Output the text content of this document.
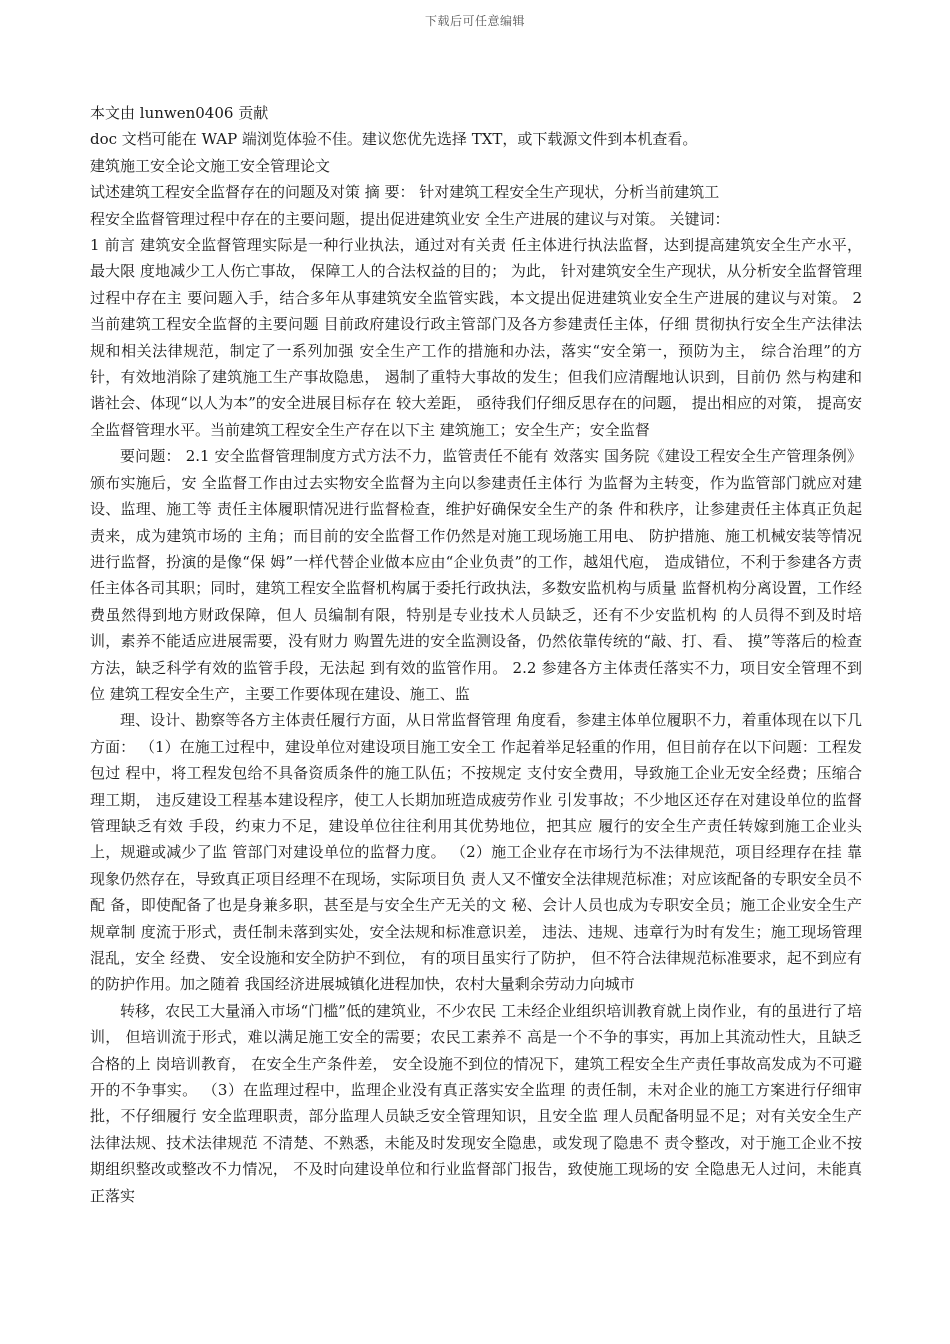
下载后可任意编辑

本文由 lunwen0406 贡献

doc 文档可能在 WAP 端浏览体验不佳。建议您优先选择 TXT，或下载源文件到本机查看。

建筑施工安全论文施工安全管理论文

试述建筑工程安全监督存在的问题及对策 摘 要： 针对建筑工程安全生产现状，分析当前建筑工

程安全监督管理过程中存在的主要问题，提出促进建筑业安 全生产进展的建议与对策。 关键词：

1 前言 建筑安全监督管理实际是一种行业执法，通过对有关责 任主体进行执法监督，达到提高建筑安全生产水平，最大限 度地减少工人伤亡事故， 保障工人的合法权益的目的； 为此， 针对建筑安全生产现状，从分析安全监督管理过程中存在主 要问题入手，结合多年从事建筑安全监管实践，本文提出促进建筑业安全生产进展的建议与对策。 2 当前建筑工程安全监督的主要问题 目前政府建设行政主管部门及各方参建责任主体，仔细 贯彻执行安全生产法律法规和相关法律规范，制定了一系列加强 安全生产工作的措施和办法，落实“安全第一，预防为主， 综合治理”的方针，有效地消除了建筑施工生产事故隐患， 遏制了重特大事故的发生；但我们应清醒地认识到，目前仍 然与构建和谐社会、体现“以人为本”的安全进展目标存在 较大差距， 亟待我们仔细反思存在的问题， 提出相应的对策， 提高安全监督管理水平。当前建筑工程安全生产存在以下主 建筑施工；安全生产；安全监督

要问题： 2.1 安全监督管理制度方式方法不力，监管责任不能有 效落实 国务院《建设工程安全生产管理条例》颁布实施后，安 全监督工作由过去实物安全监督为主向以参建责任主体行 为监督为主转变，作为监管部门就应对建设、监理、施工等 责任主体履职情况进行监督检查，维护好确保安全生产的条 件和秩序，让参建责任主体真正负起责来，成为建筑市场的 主角；而目前的安全监督工作仍然是对施工现场施工用电、 防护措施、施工机械安装等情况进行监督，扮演的是像“保 姆”一样代替企业做本应由“企业负责”的工作，越俎代庖， 造成错位，不利于参建各方责任主体各司其职；同时，建筑工程安全监督机构属于委托行政执法，多数安监机构与质量 监督机构分离设置，工作经费虽然得到地方财政保障，但人 员编制有限，特别是专业技术人员缺乏，还有不少安监机构 的人员得不到及时培训，素养不能适应进展需要，没有财力 购置先进的安全监测设备，仍然依靠传统的“敲、打、看、 摸”等落后的检查方法，缺乏科学有效的监管手段，无法起 到有效的监管作用。 2.2 参建各方主体责任落实不力，项目安全管理不到位 建筑工程安全生产，主要工作要体现在建设、施工、监

理、设计、勘察等各方主体责任履行方面，从日常监督管理 角度看，参建主体单位履职不力，着重体现在以下几方面： （1）在施工过程中，建设单位对建设项目施工安全工 作起着举足轻重的作用，但目前存在以下问题：工程发包过 程中，将工程发包给不具备资质条件的施工队伍；不按规定 支付安全费用，导致施工企业无安全经费；压缩合理工期， 违反建设工程基本建设程序，使工人长期加班造成疲劳作业 引发事故；不少地区还存在对建设单位的监督管理缺乏有效 手段，约束力不足，建设单位往往利用其优势地位，把其应 履行的安全生产责任转嫁到施工企业头上，规避或减少了监 管部门对建设单位的监督力度。 （2）施工企业存在市场行为不法律规范，项目经理存在挂 靠现象仍然存在，导致真正项目经理不在现场，实际项目负 责人又不懂安全法律规范标准；对应该配备的专职安全员不配 备，即使配备了也是身兼多职，甚至是与安全生产无关的文 秘、会计人员也成为专职安全员；施工企业安全生产规章制 度流于形式，责任制未落到实处，安全法规和标准意识差， 违法、违规、违章行为时有发生；施工现场管理混乱，安全 经费、 安全设施和安全防护不到位， 有的项目虽实行了防护， 但不符合法律规范标准要求，起不到应有的防护作用。加之随着 我国经济进展城镇化进程加快，农村大量剩余劳动力向城市

转移，农民工大量涌入市场“门槛”低的建筑业，不少农民 工未经企业组织培训教育就上岗作业，有的虽进行了培训， 但培训流于形式，难以满足施工安全的需要；农民工素养不 高是一个不争的事实，再加上其流动性大，且缺乏合格的上 岗培训教育， 在安全生产条件差， 安全设施不到位的情况下，建筑工程安全生产责任事故高发成为不可避开的不争事实。 （3）在监理过程中，监理企业没有真正落实安全监理 的责任制，未对企业的施工方案进行仔细审批，不仔细履行 安全监理职责，部分监理人员缺乏安全管理知识，且安全监 理人员配备明显不足；对有关安全生产法律法规、技术法律规范 不清楚、不熟悉，未能及时发现安全隐患，或发现了隐患不 责令整改，对于施工企业不按期组织整改或整改不力情况， 不及时向建设单位和行业监督部门报告，致使施工现场的安 全隐患无人过问，未能真正落实
